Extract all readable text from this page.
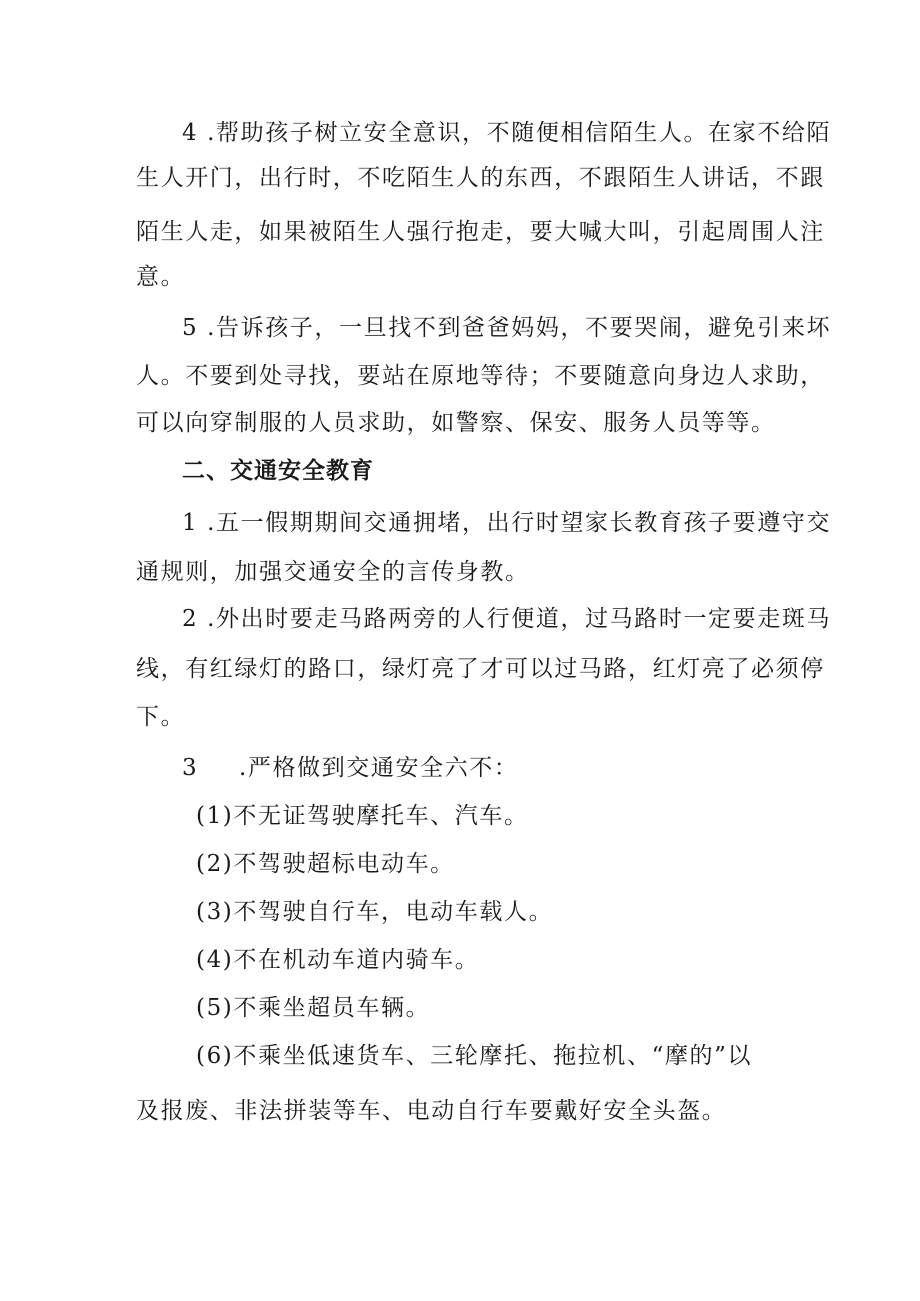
4 .帮助孩子树立安全意识，不随便相信陌生人。在家不给陌
生人开门，出行时，不吃陌生人的东西，不跟陌生人讲话，不跟
陌生人走，如果被陌生人强行抱走，要大喊大叫，引起周围人注
意。
5 .告诉孩子，一旦找不到爸爸妈妈，不要哭闹，避免引来坏
人。不要到处寻找，要站在原地等待；不要随意向身边人求助，
可以向穿制服的人员求助，如警察、保安、服务人员等等。
二、交通安全教育
1 .五一假期期间交通拥堵，出行时望家长教育孩子要遵守交
通规则，加强交通安全的言传身教。
2 .外出时要走马路两旁的人行便道，过马路时一定要走斑马
线，有红绿灯的路口，绿灯亮了才可以过马路，红灯亮了必须停
下。
3 .严格做到交通安全六不：
(1)不无证驾驶摩托车、汽车。
(2)不驾驶超标电动车。
(3)不驾驶自行车，电动车载人。
(4)不在机动车道内骑车。
(5)不乘坐超员车辆。
(6)不乘坐低速货车、三轮摩托、拖拉机、“摩的”以
及报废、非法拼装等车、电动自行车要戴好安全头盔。
